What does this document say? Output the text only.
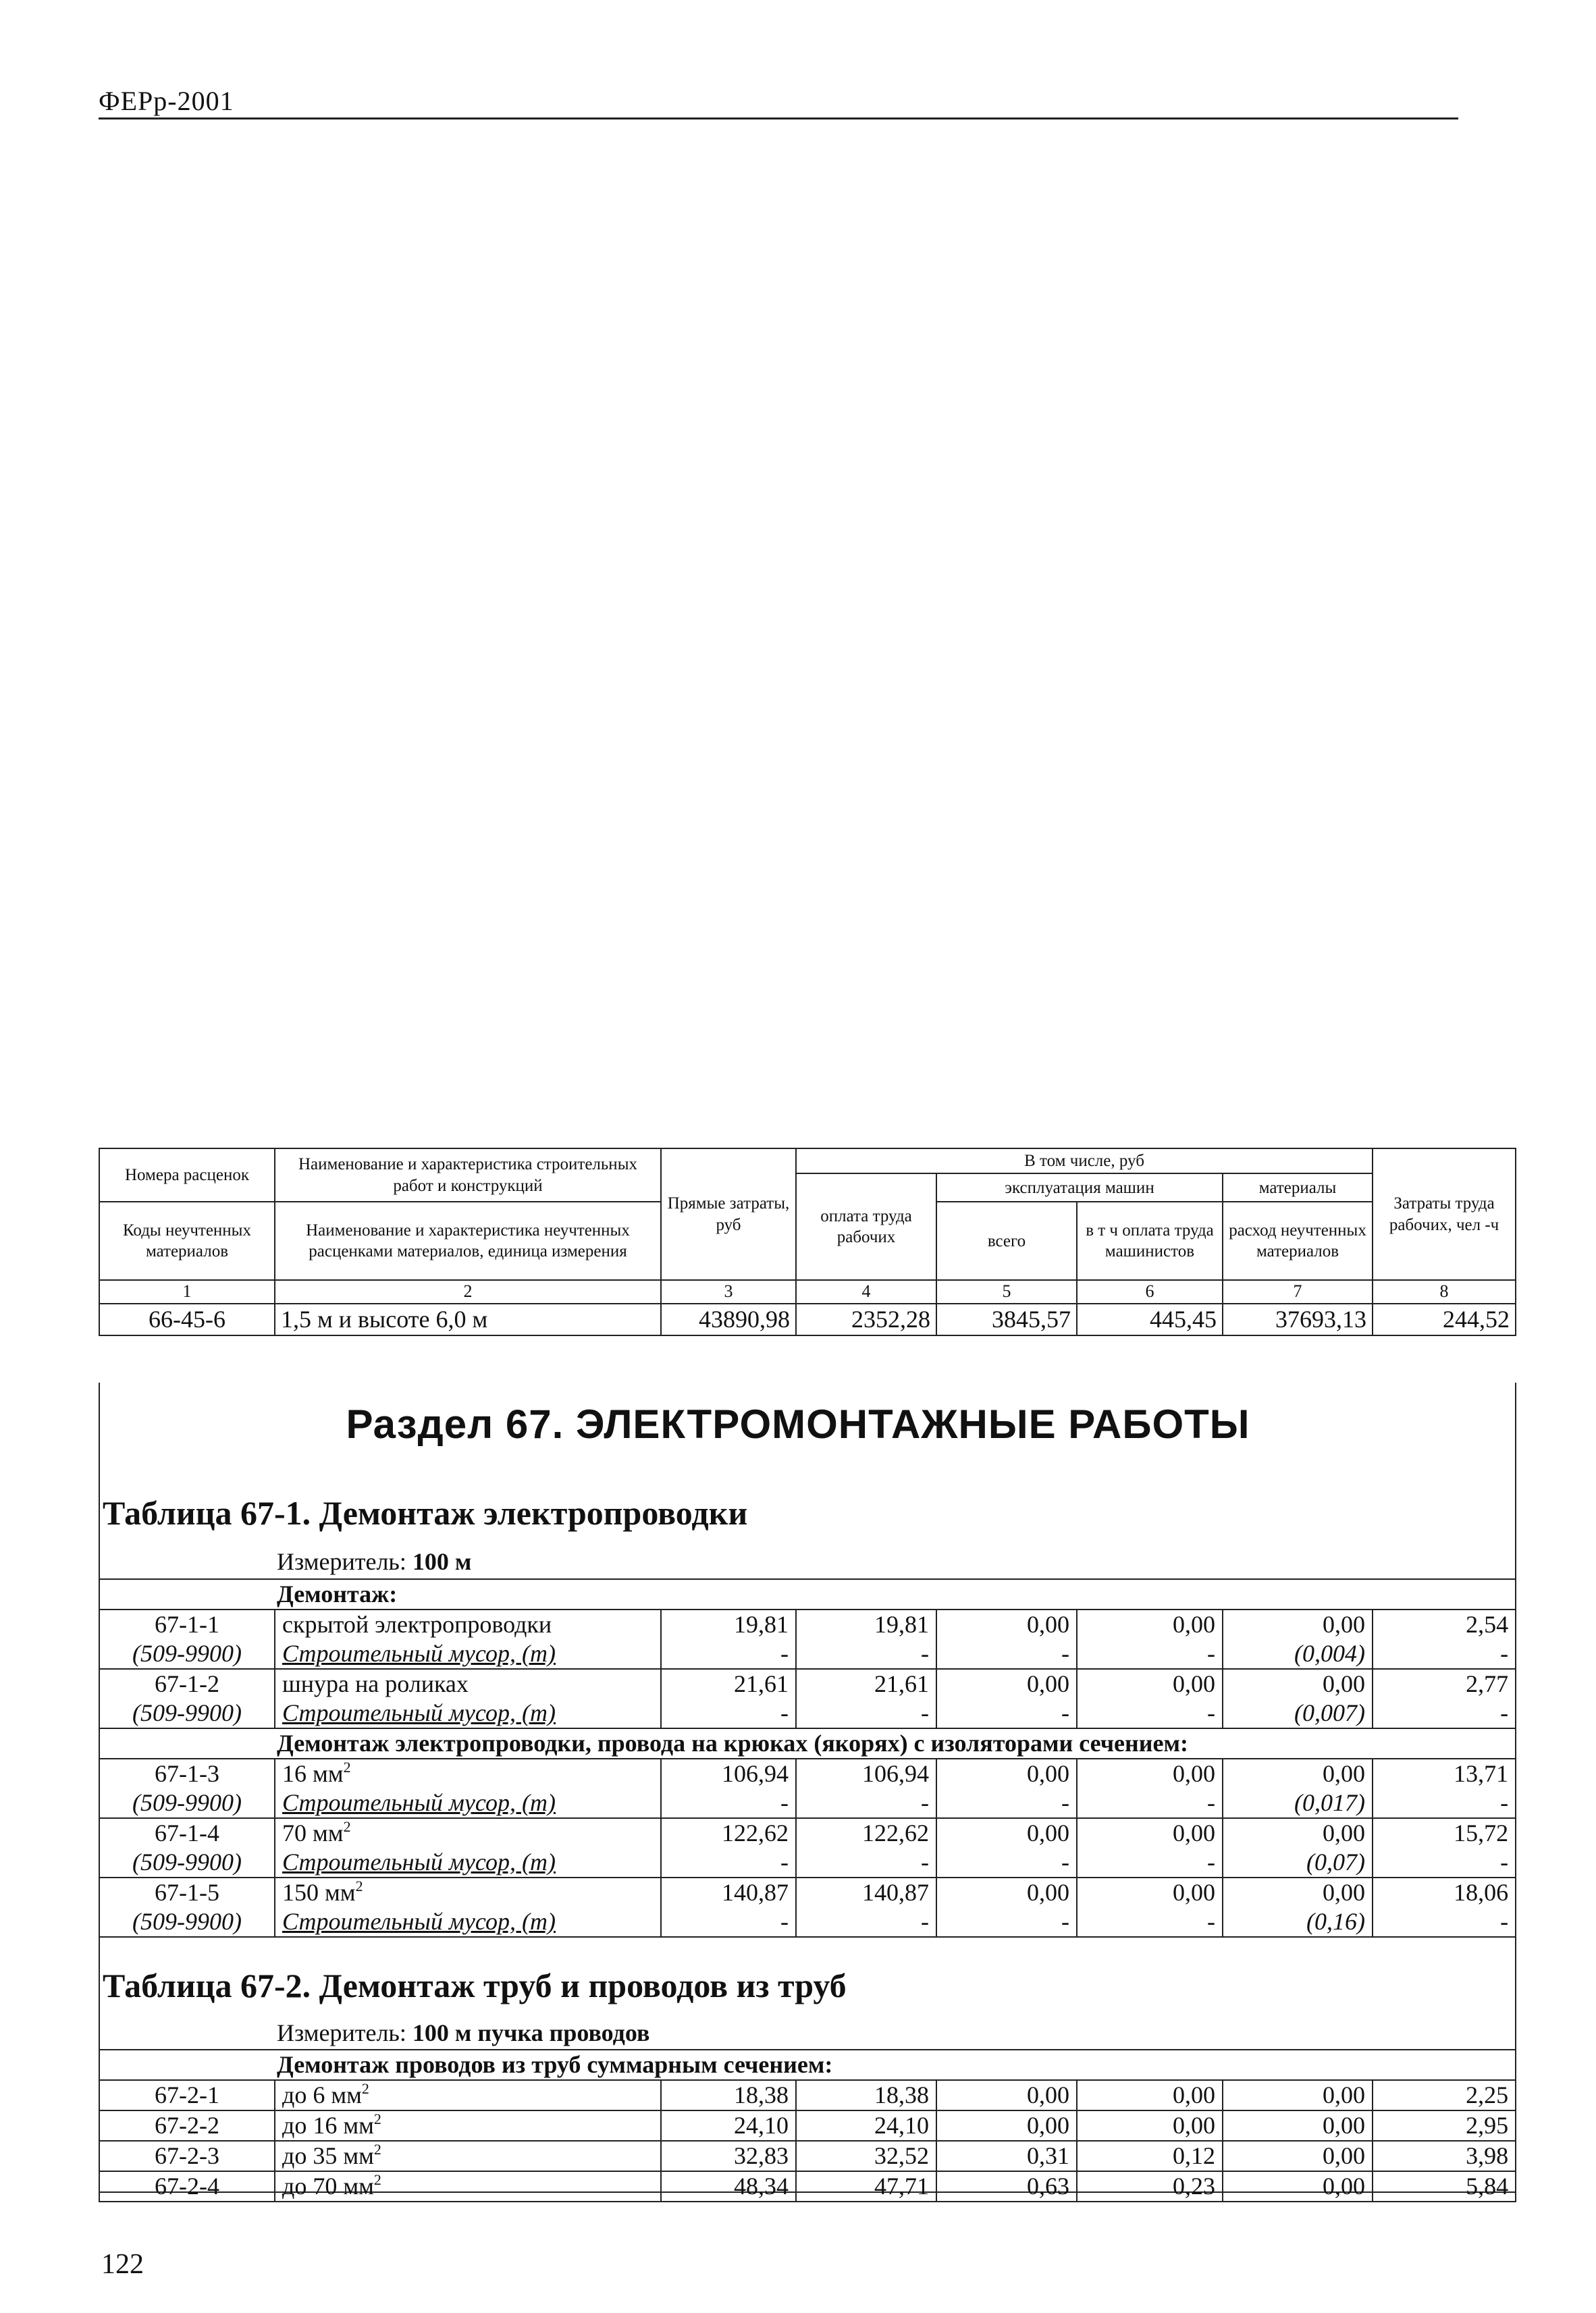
ФЕРр-2001
Номера расценок	Наименование и характеристика строительных работ и конструкций	Прямые затраты, руб	В том числе, руб				Затраты труда рабочих, чел -ч
			оплата труда рабочих	эксплуатация машин		материалы	
Коды неучтенных материалов	Наименование и характеристика неучтенных расценками материалов, единица измерения			всего	в т ч оплата труда машинистов	расход неучтенных материалов	

1	2	3	4	5	6	7	8
66-45-6	1,5 м и высоте 6,0 м	43890,98	2352,28	3845,57	445,45	37693,13	244,52
Раздел 67. ЭЛЕКТРОМОНТАЖНЫЕ РАБОТЫ
Таблица 67-1. Демонтаж электропроводки
Измеритель: 100 м
Демонтаж:							
67-1-1	скрытой электропроводки	19,81	19,81	0,00	0,00	0,00	2,54
(509-9900)	Строительный мусор, (т)	-	-	-	-	(0,004)	-
67-1-2	шнура на роликах	21,61	21,61	0,00	0,00	0,00	2,77
(509-9900)	Строительный мусор, (т)	-	-	-	-	(0,007)	-
Демонтаж электропроводки, провода на крюках (якорях) с изоляторами сечением:							
67-1-3	16 $мм^2$	106,94	106,94	0,00	0,00	0,00	13,71
(509-9900)	Строительный мусор, (т)	-	-	-	-	(0,017)	-
67-1-4	70 $мм^2$	122,62	122,62	0,00	0,00	0,00	15,72
(509-9900)	Строительный мусор, (т)	-	-	-	-	(0,07)	-
67-1-5	150 $мм^2$	140,87	140,87	0,00	0,00	0,00	18,06
(509-9900)	Строительный мусор, (т)	-	-	-	-	(0,16)	-
Таблица 67-2. Демонтаж труб и проводов из труб
Измеритель: 100 м пучка проводов
Демонтаж проводов из труб суммарным сечением:							
67-2-1	до 6 $мм^2$	18,38	18,38	0,00	0,00	0,00	2,25
67-2-2	до 16 $мм^2$	24,10	24,10	0,00	0,00	0,00	2,95
67-2-3	до 35 $мм^2$	32,83	32,52	0,31	0,12	0,00	3,98
67-2-4	до 70 $мм^2$	48,34	47,71	0,63	0,23	0,00	5,84
122
